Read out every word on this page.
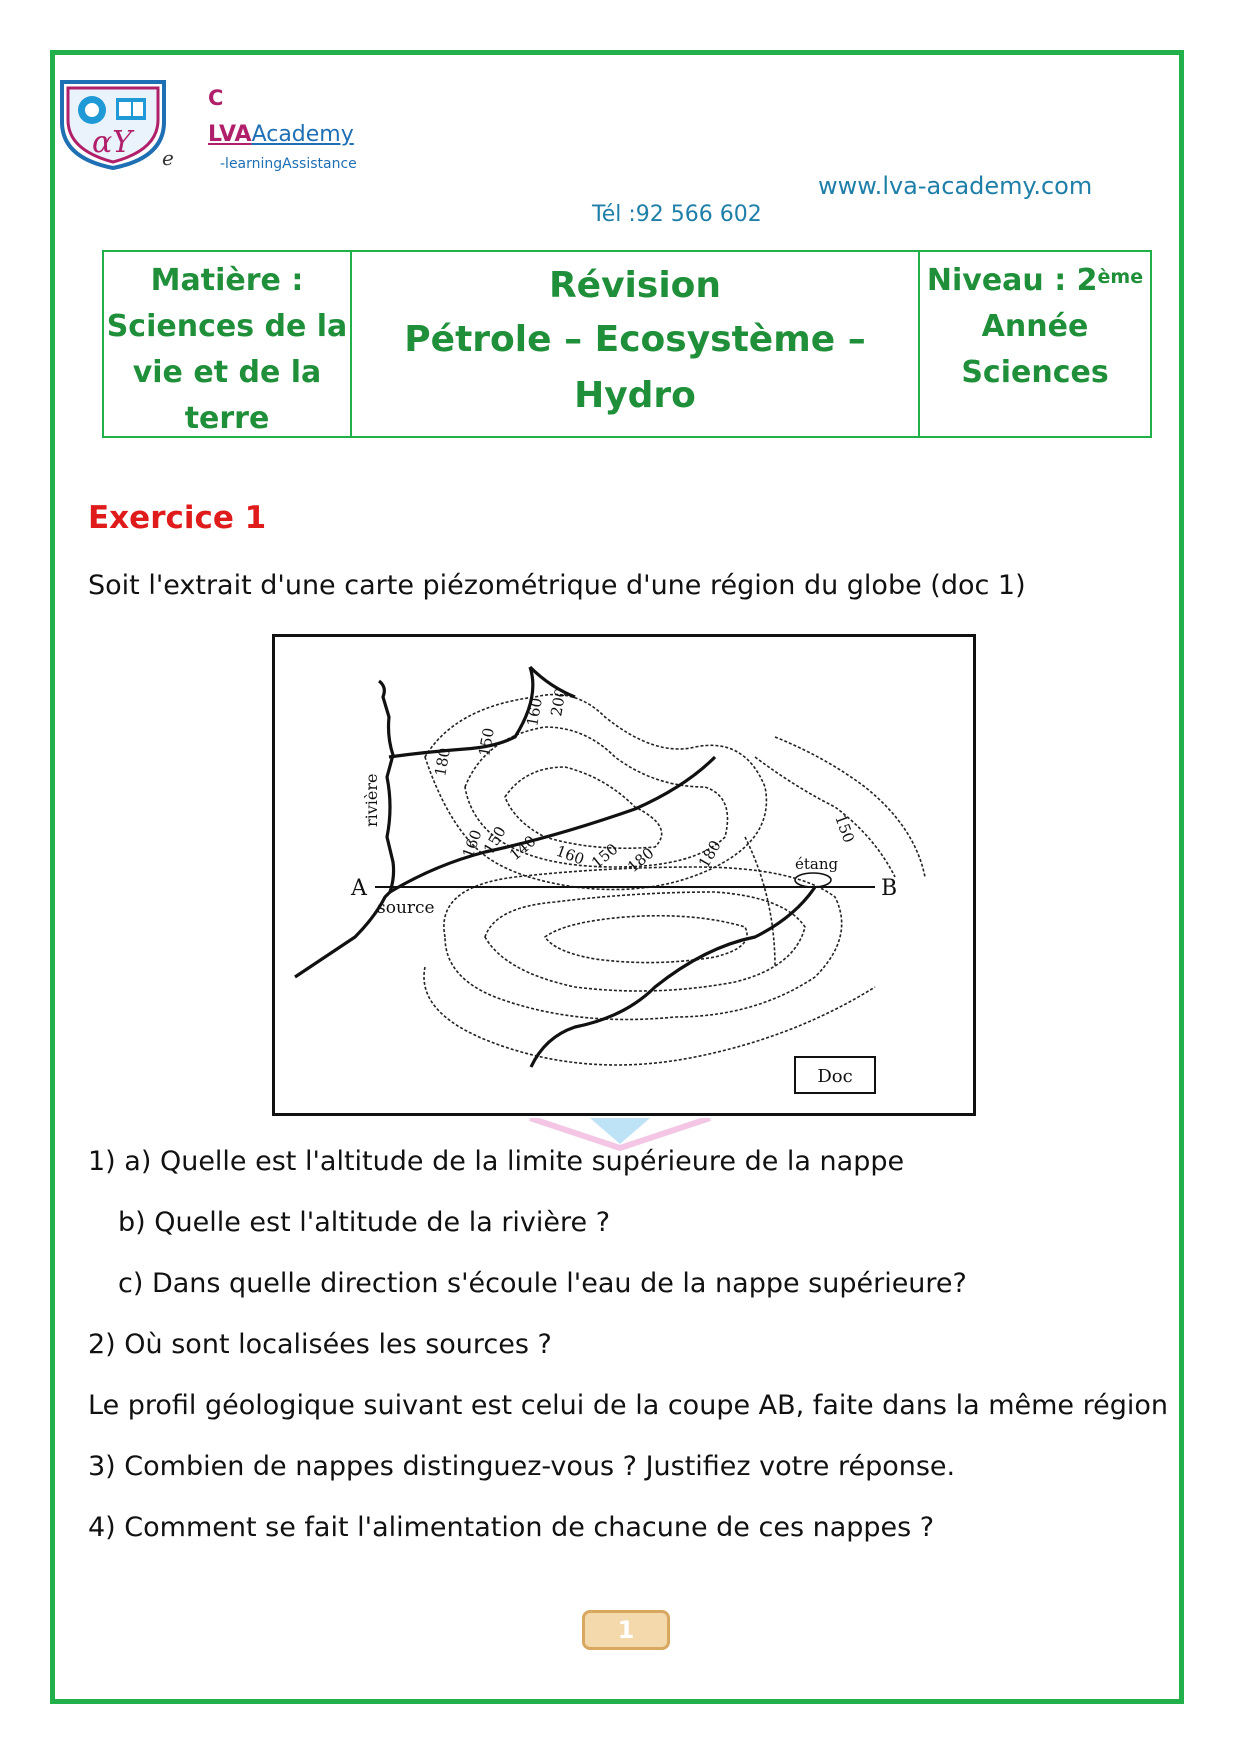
αY
C
LVAAcademy
e	-learningAssistance
www.lva-academy.com
Tél :92 566 602
Matière :
Sciences de la
vie et de la
terre
Révision
Pétrole – Ecosystème – Hydro
Niveau : 2ème
Année
Sciences
Exercice 1
Soit l'extrait d'une carte piézométrique d'une région du globe (doc 1)
A	B
rivière
source
étang
160
150
140 160 150 180 180
180
150
160 200
150
Doc
1) a) Quelle est l'altitude de la limite supérieure de la nappe
b) Quelle est l'altitude de la rivière ?
c) Dans quelle direction s'écoule l'eau de la nappe supérieure?
2) Où sont localisées les sources ?
Le profil géologique suivant est celui de la coupe AB, faite dans la même région
3) Combien de nappes distinguez-vous ? Justifiez votre réponse.
4) Comment se fait l'alimentation de chacune de ces nappes ?
1
